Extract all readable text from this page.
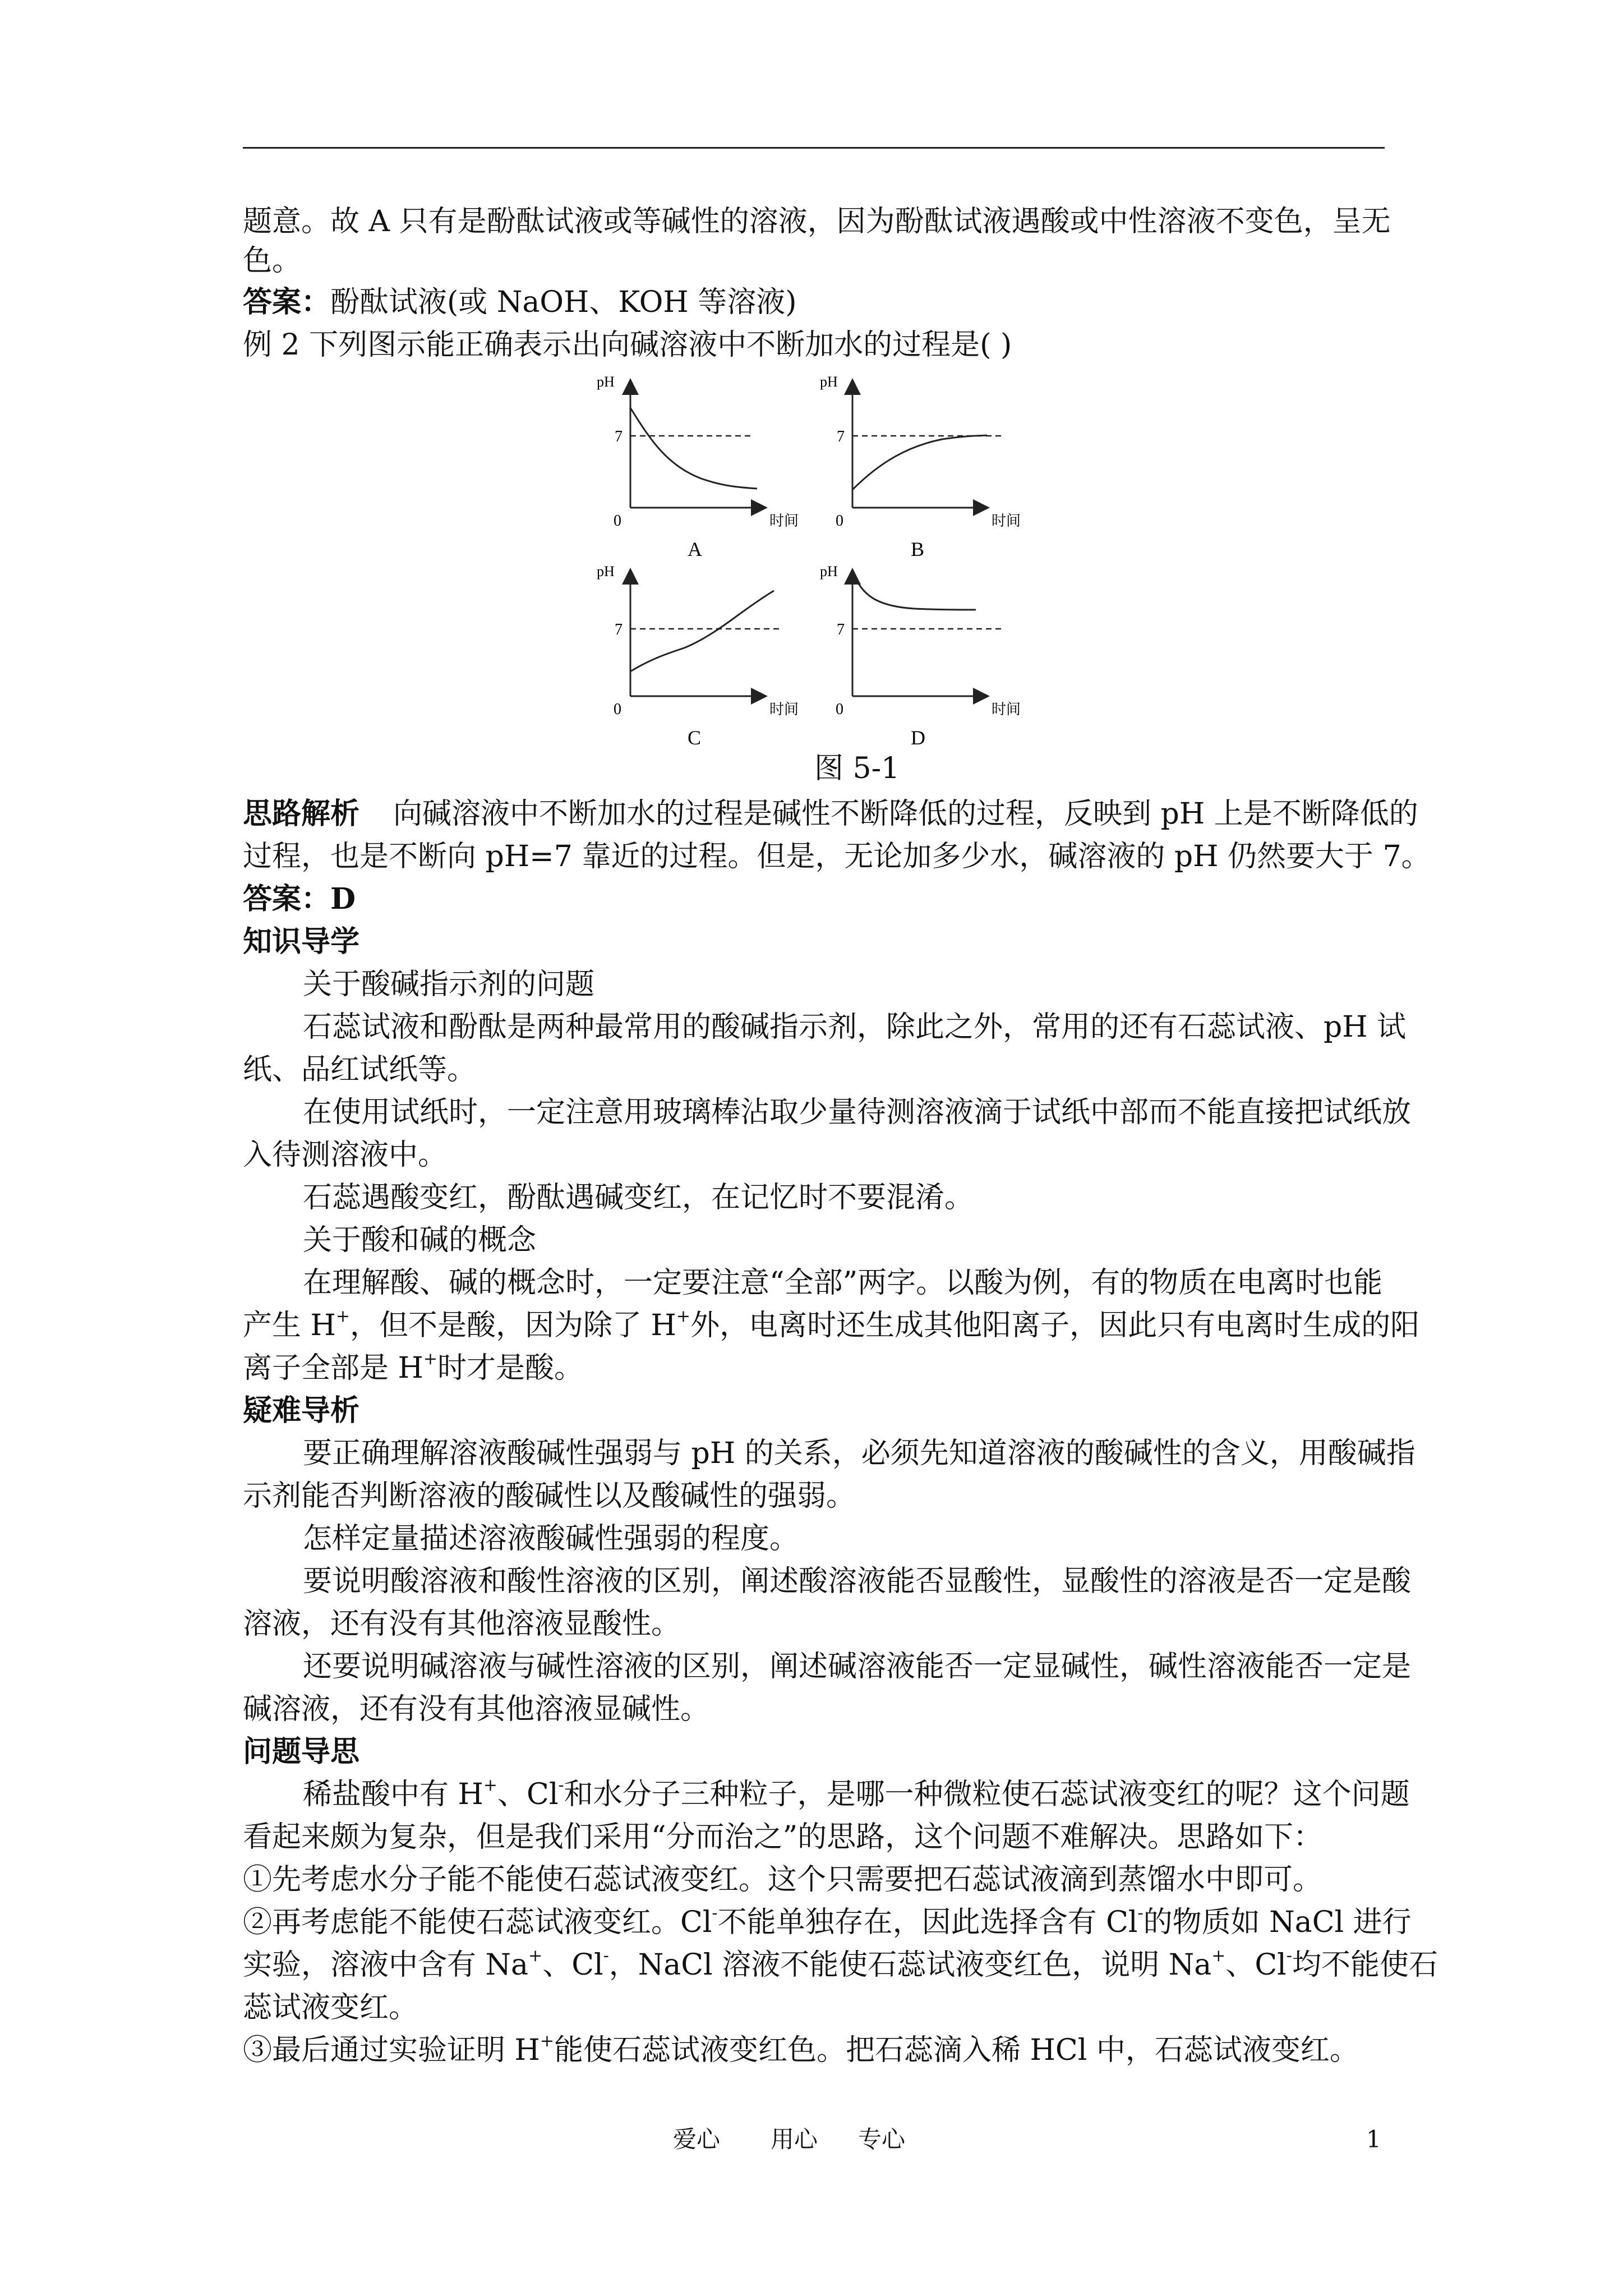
题意。故 A 只有是酚酞试液或等碱性的溶液，因为酚酞试液遇酸或中性溶液不变色，呈无
色。
答案：酚酞试液(或 NaOH、KOH 等溶液)
例 2 下列图示能正确表示出向碱溶液中不断加水的过程是( )
pH
7
0	时间
A
pH
7
0	时间
B
pH
7
0	时间
C
pH
7
0	时间
D
图 5-1
思路解析 向碱溶液中不断加水的过程是碱性不断降低的过程，反映到 pH 上是不断降低的
过程，也是不断向 pH=7 靠近的过程。但是，无论加多少水，碱溶液的 pH 仍然要大于 7。
答案：D
知识导学
关于酸碱指示剂的问题
石蕊试液和酚酞是两种最常用的酸碱指示剂，除此之外，常用的还有石蕊试液、pH 试
纸、品红试纸等。
在使用试纸时，一定注意用玻璃棒沾取少量待测溶液滴于试纸中部而不能直接把试纸放
入待测溶液中。
石蕊遇酸变红，酚酞遇碱变红，在记忆时不要混淆。
关于酸和碱的概念
在理解酸、碱的概念时，一定要注意“全部”两字。以酸为例，有的物质在电离时也能
产生 H+，但不是酸，因为除了 H+外，电离时还生成其他阳离子，因此只有电离时生成的阳
离子全部是 H+时才是酸。
疑难导析
要正确理解溶液酸碱性强弱与 pH 的关系，必须先知道溶液的酸碱性的含义，用酸碱指
示剂能否判断溶液的酸碱性以及酸碱性的强弱。
怎样定量描述溶液酸碱性强弱的程度。
要说明酸溶液和酸性溶液的区别，阐述酸溶液能否显酸性，显酸性的溶液是否一定是酸
溶液，还有没有其他溶液显酸性。
还要说明碱溶液与碱性溶液的区别，阐述碱溶液能否一定显碱性，碱性溶液能否一定是
碱溶液，还有没有其他溶液显碱性。
问题导思
稀盐酸中有 H+、Cl-和水分子三种粒子，是哪一种微粒使石蕊试液变红的呢？这个问题
看起来颇为复杂，但是我们采用“分而治之”的思路，这个问题不难解决。思路如下：
①先考虑水分子能不能使石蕊试液变红。这个只需要把石蕊试液滴到蒸馏水中即可。
②再考虑能不能使石蕊试液变红。Cl-不能单独存在，因此选择含有 Cl-的物质如 NaCl 进行
实验，溶液中含有 Na+、Cl-，NaCl 溶液不能使石蕊试液变红色，说明 Na+、Cl-均不能使石
蕊试液变红。
③最后通过实验证明 H+能使石蕊试液变红色。把石蕊滴入稀 HCl 中，石蕊试液变红。
爱心 用心 专心	1
